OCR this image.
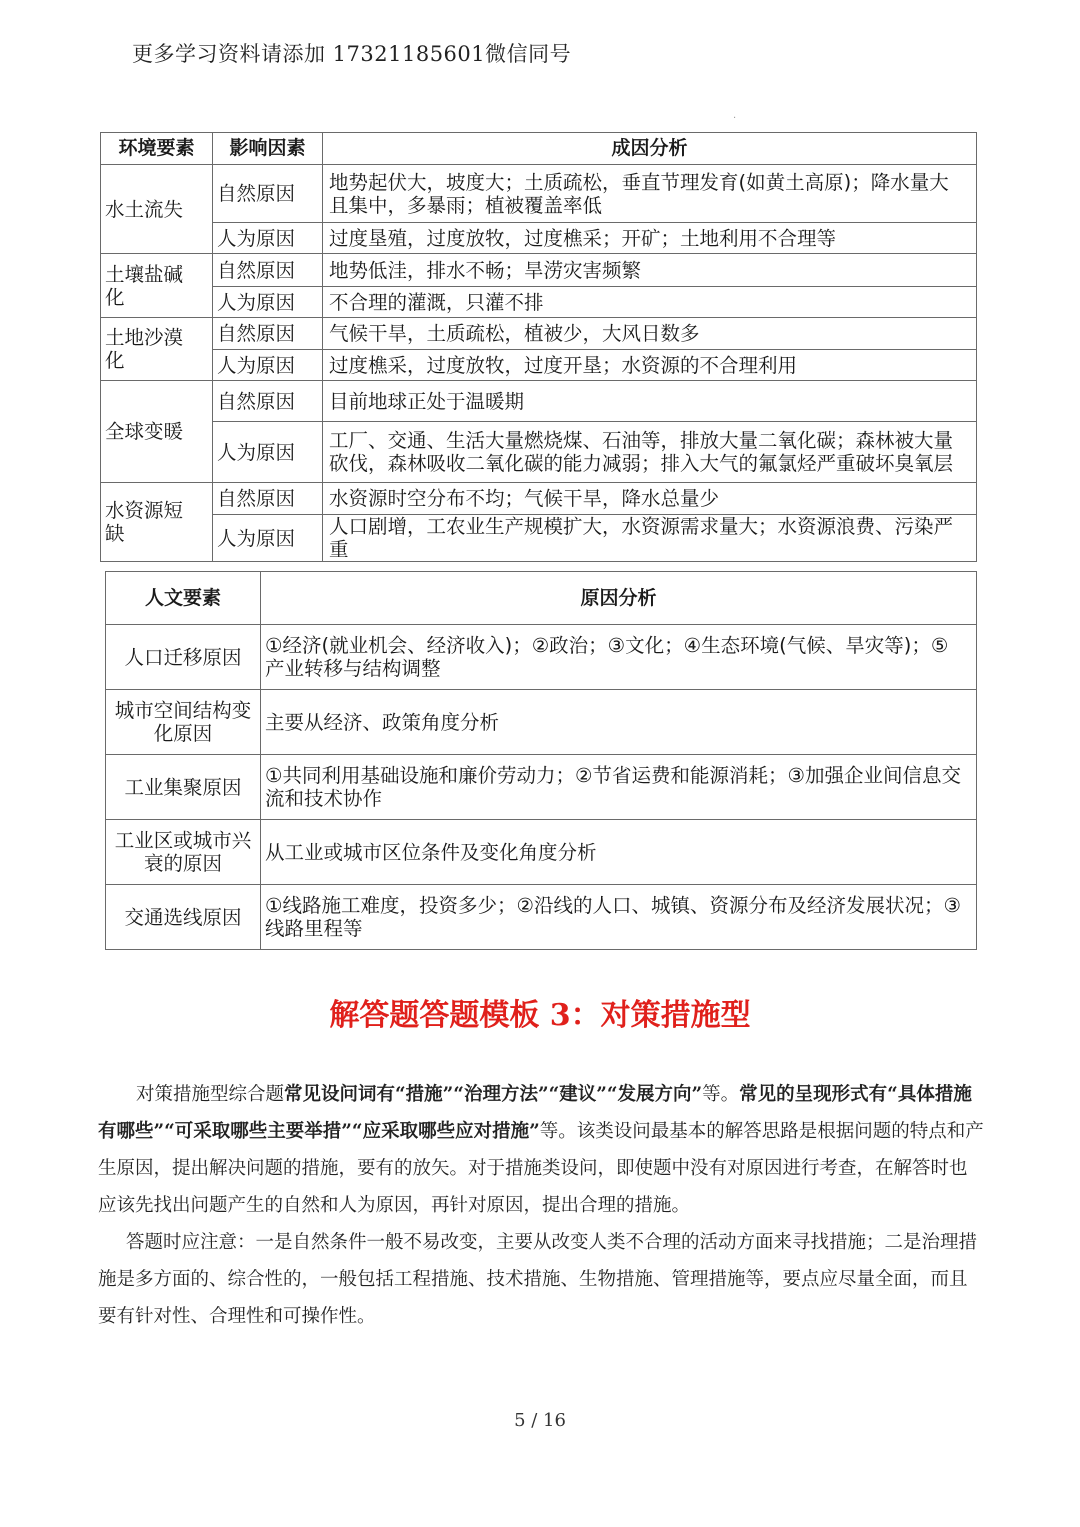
更多学习资料请添加 17321185601微信同号
.
环境要素	影响因素	成因分析
水土流失	自然原因	地势起伏大，坡度大；土质疏松，垂直节理发育(如黄土高原)；降水量大且集中，多暴雨；植被覆盖率低
	人为原因	过度垦殖，过度放牧，过度樵采；开矿；土地利用不合理等
土壤盐碱化	自然原因	地势低洼，排水不畅；旱涝灾害频繁
	人为原因	不合理的灌溉，只灌不排
土地沙漠化	自然原因	气候干旱，土质疏松，植被少，大风日数多
	人为原因	过度樵采，过度放牧，过度开垦；水资源的不合理利用
全球变暖	自然原因	目前地球正处于温暖期
	人为原因	工厂、交通、生活大量燃烧煤、石油等，排放大量二氧化碳；森林被大量砍伐，森林吸收二氧化碳的能力减弱；排入大气的氟氯烃严重破坏臭氧层
水资源短缺	自然原因	水资源时空分布不均；气候干旱，降水总量少
	人为原因	人口剧增，工农业生产规模扩大，水资源需求量大；水资源浪费、污染严重
人文要素	原因分析
人口迁移原因	①经济(就业机会、经济收入)；②政治；③文化；④生态环境(气候、旱灾等)；⑤产业转移与结构调整
城市空间结构变化原因	主要从经济、政策角度分析
工业集聚原因	①共同利用基础设施和廉价劳动力；②节省运费和能源消耗；③加强企业间信息交流和技术协作
工业区或城市兴衰的原因	从工业或城市区位条件及变化角度分析
交通选线原因	①线路施工难度，投资多少；②沿线的人口、城镇、资源分布及经济发展状况；③线路里程等
解答题答题模板 3：对策措施型

对策措施型综合题常见设问词有“措施”“治理方法”“建议”“发展方向”等。常见的呈现形式有“具体措施有哪些”“可采取哪些主要举措”“应采取哪些应对措施”等。该类设问最基本的解答思路是根据问题的特点和产生原因，提出解决问题的措施，要有的放矢。对于措施类设问，即使题中没有对原因进行考查，在解答时也应该先找出问题产生的自然和人为原因，再针对原因，提出合理的措施。

答题时应注意：一是自然条件一般不易改变，主要从改变人类不合理的活动方面来寻找措施；二是治理措施是多方面的、综合性的，一般包括工程措施、技术措施、生物措施、管理措施等，要点应尽量全面，而且要有针对性、合理性和可操作性。

5 / 16
